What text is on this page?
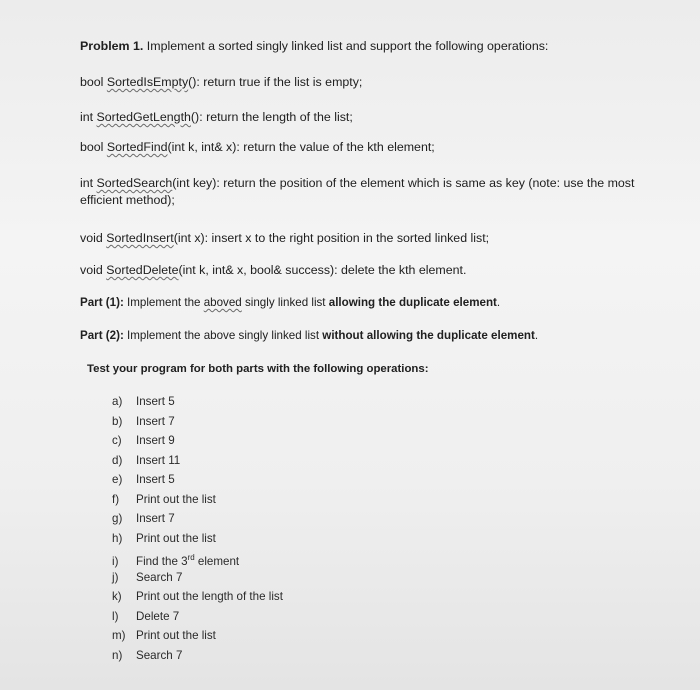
Problem 1. Implement a sorted singly linked list and support the following operations:
bool SortedIsEmpty(): return true if the list is empty;
int SortedGetLength(): return the length of the list;
bool SortedFind(int k, int& x): return the value of the kth element;
int SortedSearch(int key): return the position of the element which is same as key (note: use the most efficient method);
void SortedInsert(int x): insert x to the right position in the sorted linked list;
void SortedDelete(int k, int& x, bool& success): delete the kth element.
Part (1): Implement the aboved singly linked list allowing the duplicate element.
Part (2): Implement the above singly linked list without allowing the duplicate element.
Test your program for both parts with the following operations:
a) Insert 5
b) Insert 7
c) Insert 9
d) Insert 11
e) Insert 5
f) Print out the list
g) Insert 7
h) Print out the list
i) Find the 3rd element
j) Search 7
k) Print out the length of the list
l) Delete 7
m) Print out the list
n) Search 7
